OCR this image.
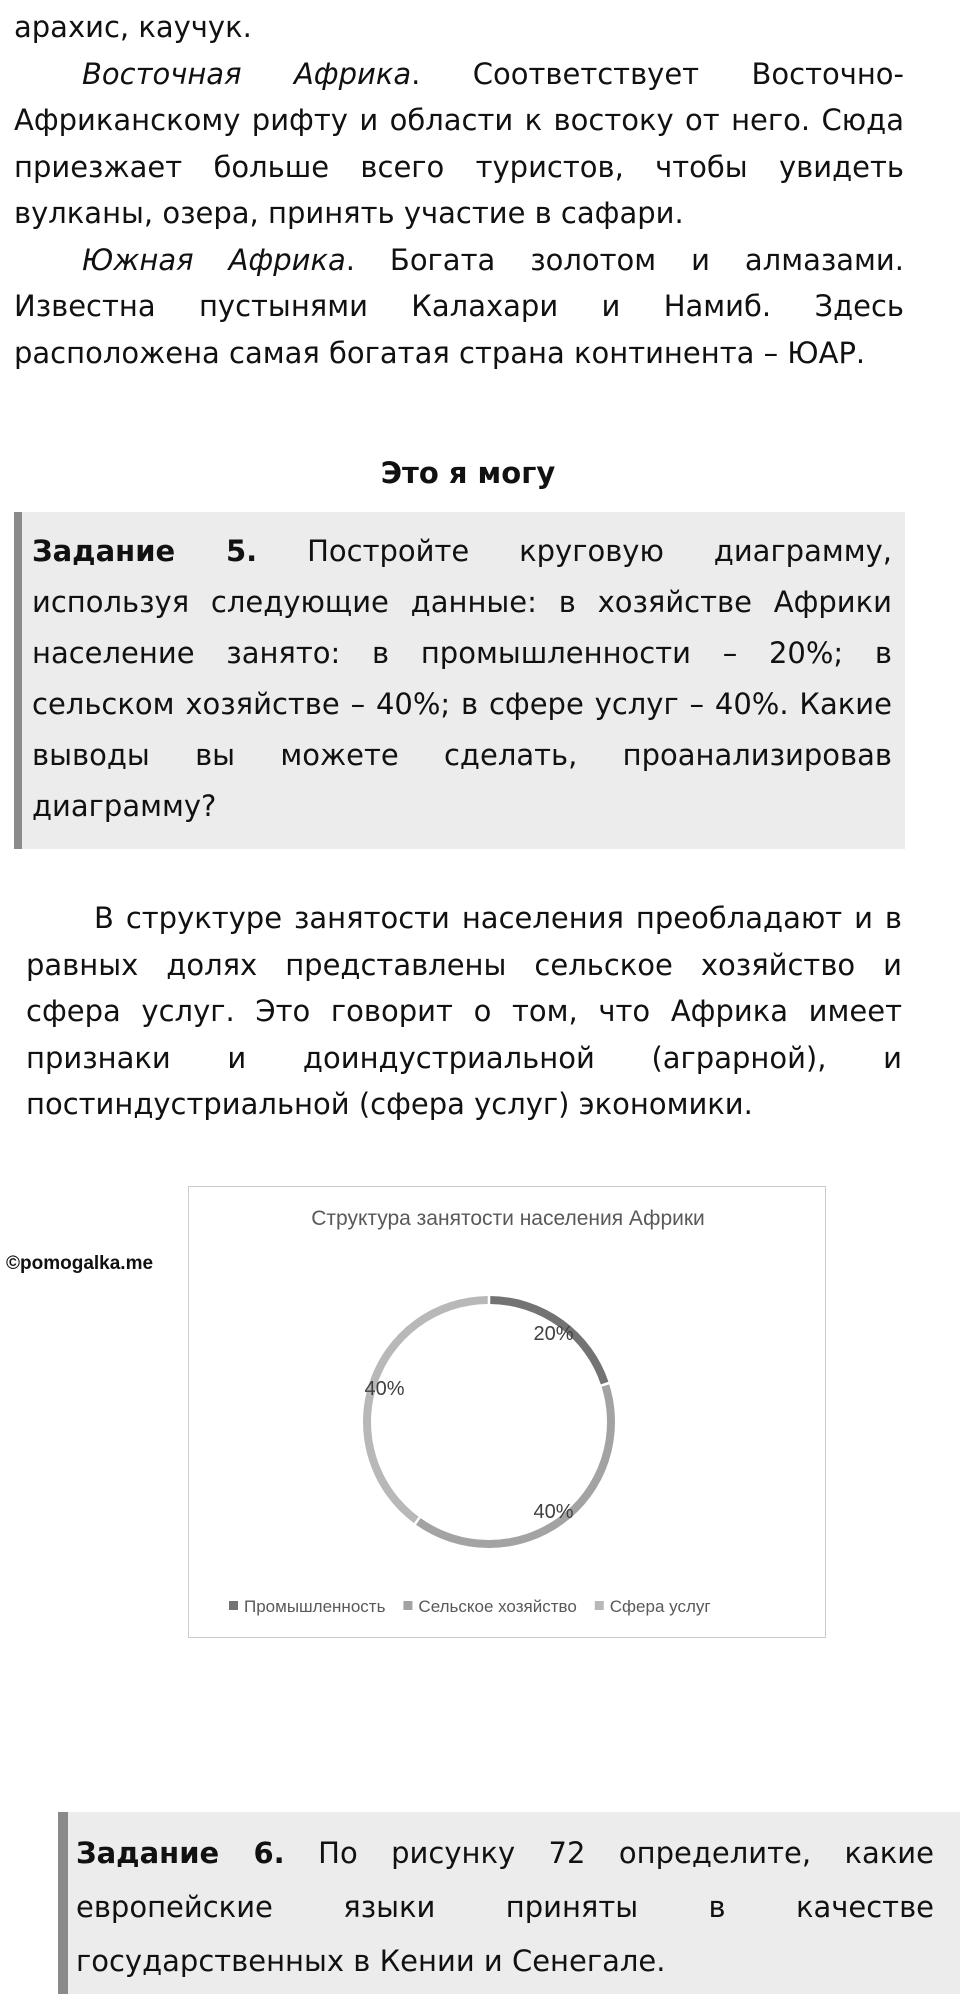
арахис, каучук.

Восточная Африка. Соответствует Восточно-Африканскому рифту и области к востоку от него. Сюда приезжает больше всего туристов, чтобы увидеть вулканы, озера, принять участие в сафари.

Южная Африка. Богата золотом и алмазами. Известна пустынями Калахари и Намиб. Здесь расположена самая богатая страна континента – ЮАР.

Это я могу

Задание 5. Постройте круговую диаграмму, используя следующие данные: в хозяйстве Африки население занято: в промышленности – 20%; в сельском хозяйстве – 40%; в сфере услуг – 40%. Какие выводы вы можете сделать, проанализировав диаграмму?

В структуре занятости населения преобладают и в равных долях представлены сельское хозяйство и сфера услуг. Это говорит о том, что Африка имеет признаки и доиндустриальной (аграрной), и постиндустриальной (сфера услуг) экономики.

©pomogalka.me
Структура занятости населения Африки
20%
40%
40%
Промышленность Сельское хозяйство Сфера услуг

Задание 6. По рисунку 72 определите, какие европейские языки приняты в качестве государственных в Кении и Сенегале.
